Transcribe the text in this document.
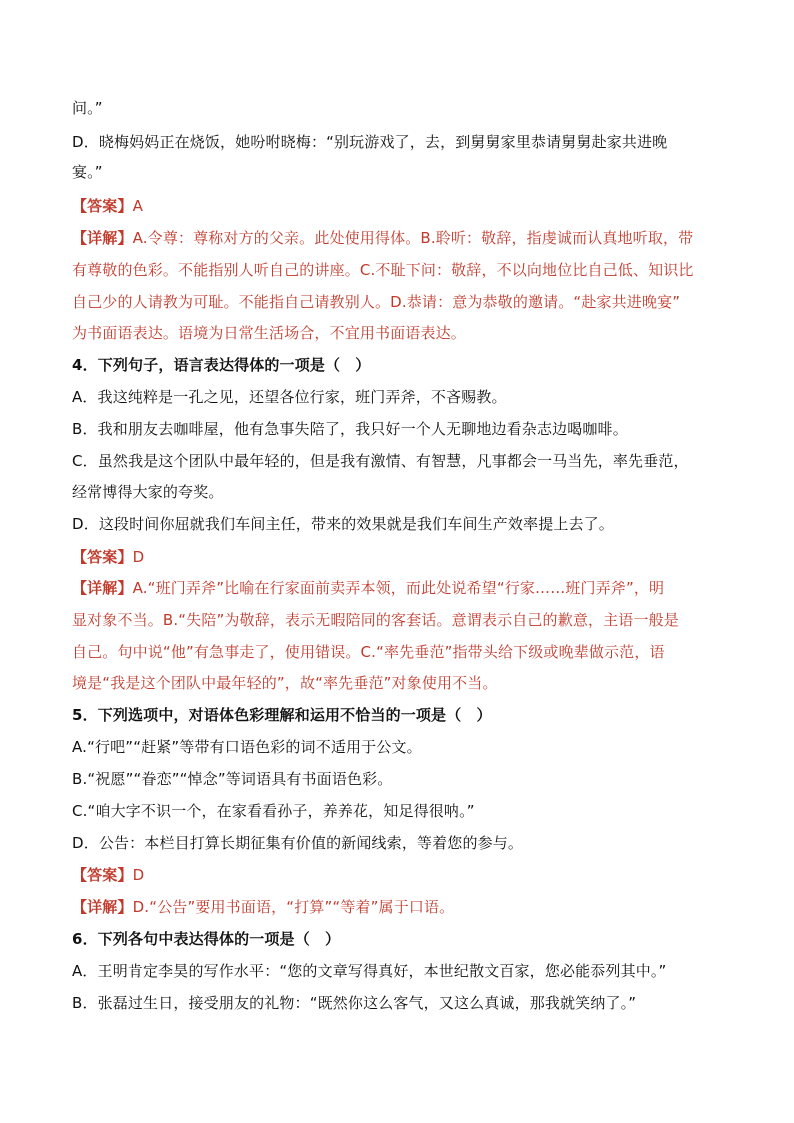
问。”
D．晓梅妈妈正在烧饭，她吩咐晓梅：“别玩游戏了，去，到舅舅家里恭请舅舅赴家共进晚
宴。”
【答案】A
【详解】A.令尊：尊称对方的父亲。此处使用得体。B.聆听：敬辞，指虔诚而认真地听取，带
有尊敬的色彩。不能指别人听自己的讲座。C.不耻下问：敬辞，不以向地位比自己低、知识比
自己少的人请教为可耻。不能指自己请教别人。D.恭请：意为恭敬的邀请。“赴家共进晚宴”
为书面语表达。语境为日常生活场合，不宜用书面语表达。
4．下列句子，语言表达得体的一项是（　）
A．我这纯粹是一孔之见，还望各位行家，班门弄斧，不吝赐教。
B．我和朋友去咖啡屋，他有急事失陪了，我只好一个人无聊地边看杂志边喝咖啡。
C．虽然我是这个团队中最年轻的，但是我有激情、有智慧，凡事都会一马当先，率先垂范，
经常博得大家的夸奖。
D．这段时间你屈就我们车间主任，带来的效果就是我们车间生产效率提上去了。
【答案】D
【详解】A.“班门弄斧”比喻在行家面前卖弄本领，而此处说希望“行家……班门弄斧”，明
显对象不当。B.“失陪”为敬辞，表示无暇陪同的客套话。意谓表示自己的歉意，主语一般是
自己。句中说“他”有急事走了，使用错误。C.“率先垂范”指带头给下级或晚辈做示范，语
境是“我是这个团队中最年轻的”，故“率先垂范”对象使用不当。
5．下列选项中，对语体色彩理解和运用不恰当的一项是（　）
A.“行吧”“赶紧”等带有口语色彩的词不适用于公文。
B.“祝愿”“眷恋”“悼念”等词语具有书面语色彩。
C.“咱大字不识一个，在家看看孙子，养养花，知足得很呐。”
D．公告：本栏目打算长期征集有价值的新闻线索，等着您的参与。
【答案】D
【详解】D.“公告”要用书面语，“打算”“等着”属于口语。
6．下列各句中表达得体的一项是（　）
A．王明肯定李昊的写作水平：“您的文章写得真好，本世纪散文百家，您必能忝列其中。”
B．张磊过生日，接受朋友的礼物：“既然你这么客气，又这么真诚，那我就笑纳了。”
